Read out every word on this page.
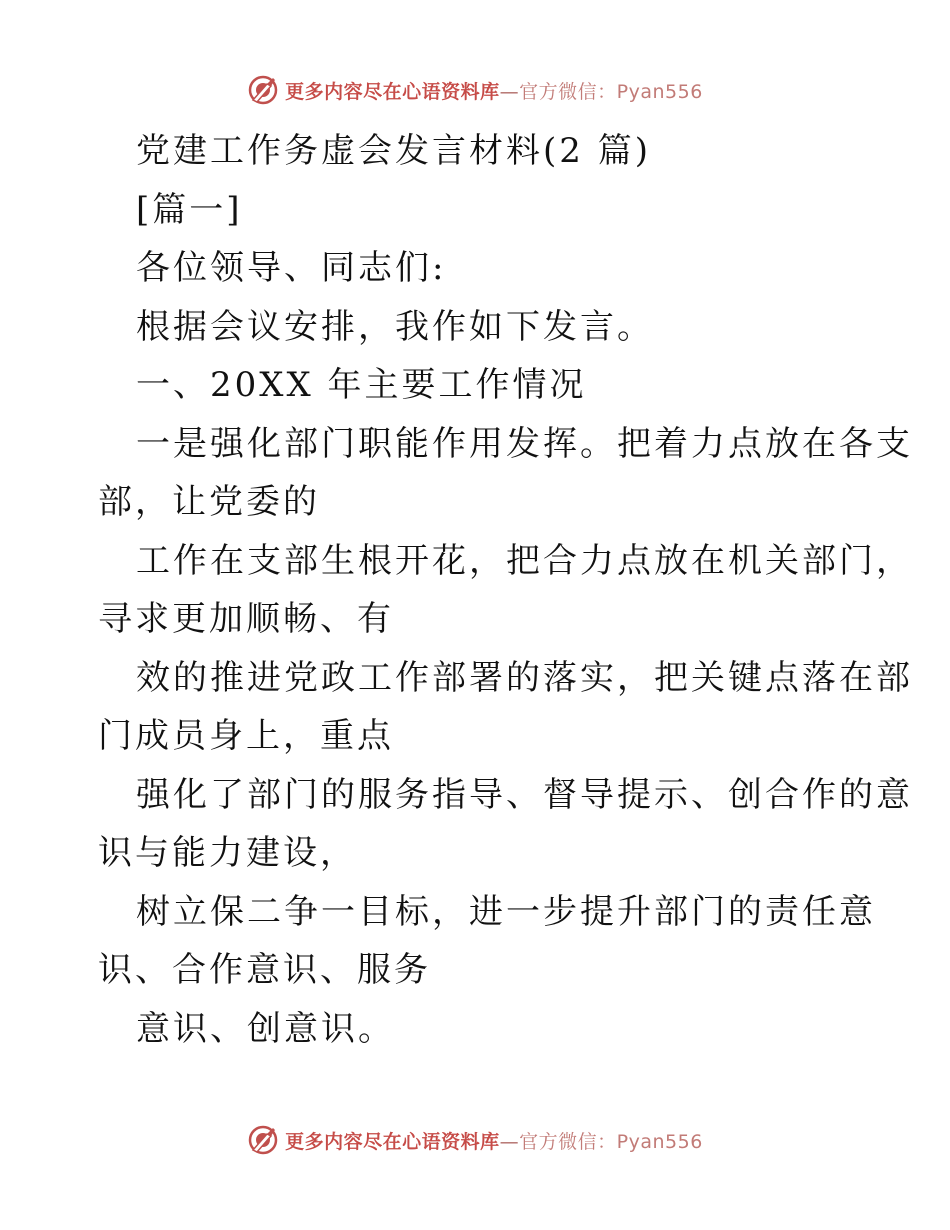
更多内容尽在心语资料库—官方微信：Pyan556

党建工作务虚会发言材料(2 篇)

[篇一]

各位领导、同志们:

根据会议安排，我作如下发言。

一、20XX 年主要工作情况

一是强化部门职能作用发挥。把着力点放在各支

部，让党委的

工作在支部生根开花，把合力点放在机关部门，

寻求更加顺畅、有

效的推进党政工作部署的落实，把关键点落在部

门成员身上，重点

强化了部门的服务指导、督导提示、创合作的意

识与能力建设，

树立保二争一目标，进一步提升部门的责任意

识、合作意识、服务

意识、创意识。

更多内容尽在心语资料库—官方微信：Pyan556
